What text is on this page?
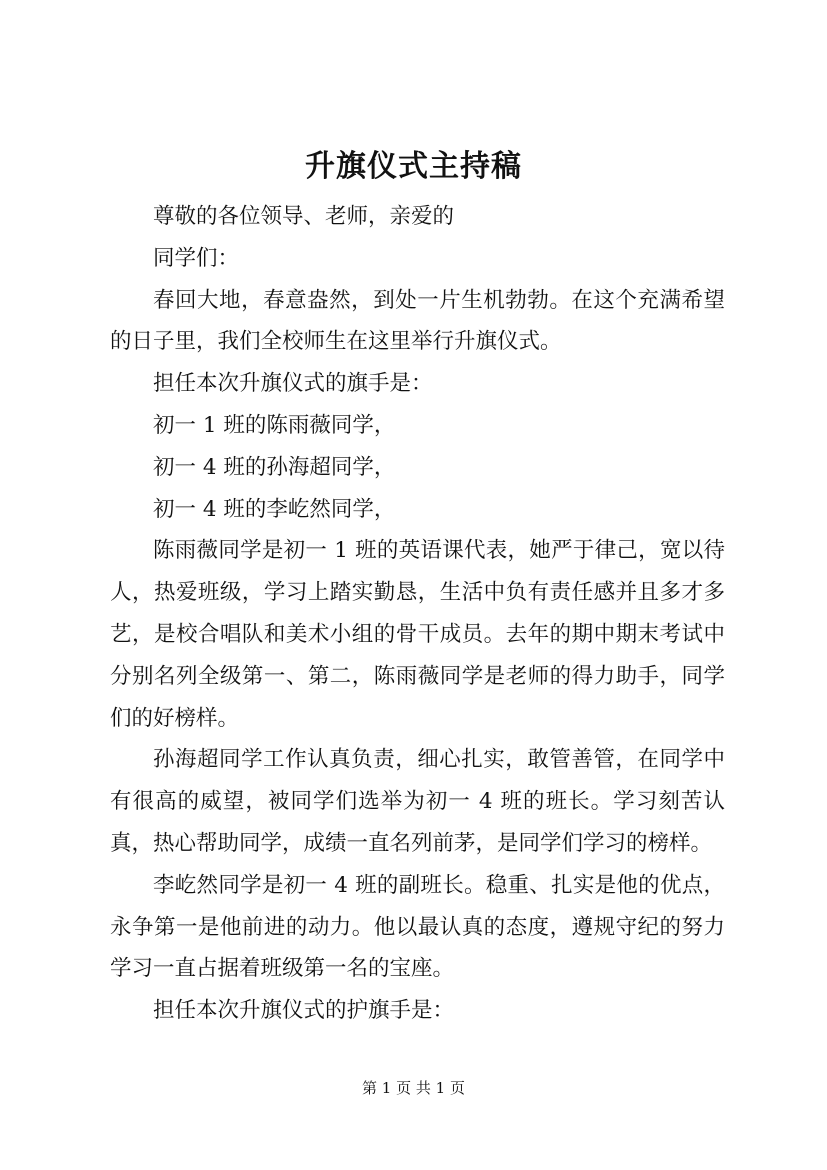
升旗仪式主持稿

尊敬的各位领导、老师，亲爱的

同学们：

春回大地，春意盎然，到处一片生机勃勃。在这个充满希望的日子里，我们全校师生在这里举行升旗仪式。

担任本次升旗仪式的旗手是：

初一 1 班的陈雨薇同学，

初一 4 班的孙海超同学，

初一 4 班的李屹然同学，

陈雨薇同学是初一 1 班的英语课代表，她严于律己，宽以待人，热爱班级，学习上踏实勤恳，生活中负有责任感并且多才多艺，是校合唱队和美术小组的骨干成员。去年的期中期末考试中分别名列全级第一、第二，陈雨薇同学是老师的得力助手，同学们的好榜样。

孙海超同学工作认真负责，细心扎实，敢管善管，在同学中有很高的威望，被同学们选举为初一 4 班的班长。学习刻苦认真，热心帮助同学，成绩一直名列前茅，是同学们学习的榜样。

李屹然同学是初一 4 班的副班长。稳重、扎实是他的优点，永争第一是他前进的动力。他以最认真的态度，遵规守纪的努力学习一直占据着班级第一名的宝座。

担任本次升旗仪式的护旗手是：

第 1 页 共 1 页
